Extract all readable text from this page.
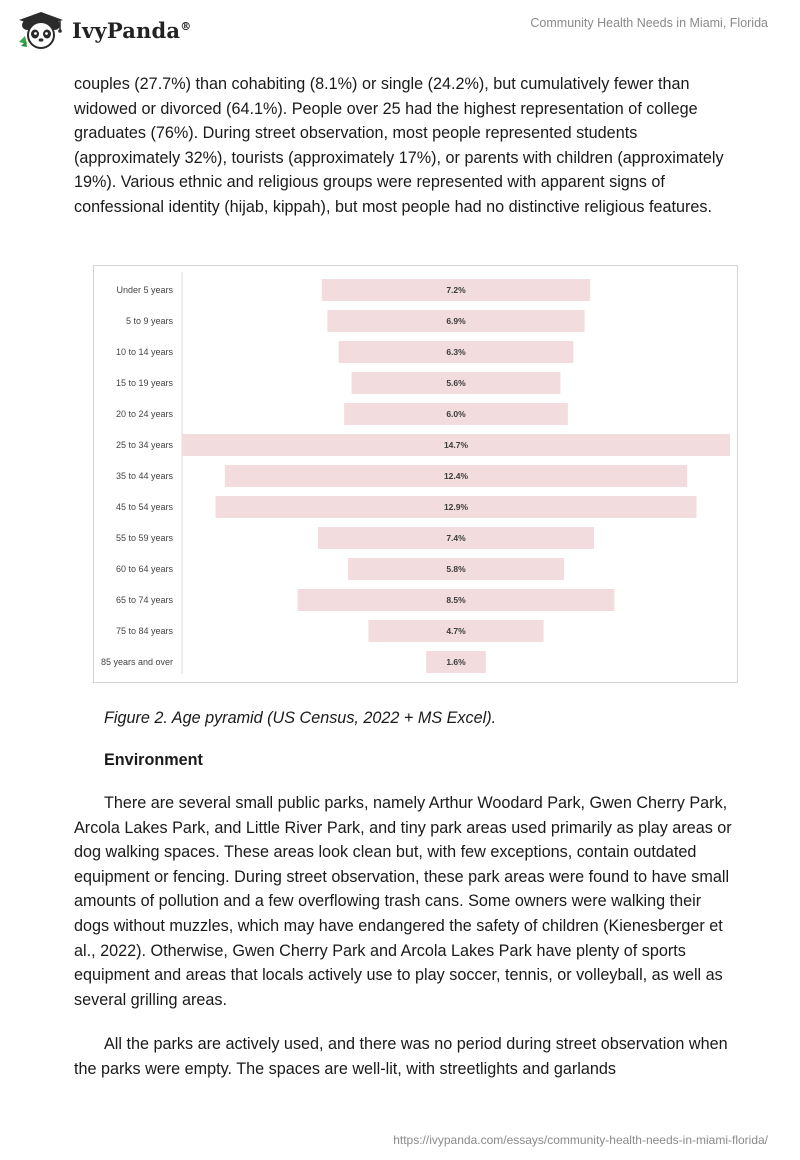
IvyPanda®	Community Health Needs in Miami, Florida

couples (27.7%) than cohabiting (8.1%) or single (24.2%), but cumulatively fewer than widowed or divorced (64.1%). People over 25 had the highest representation of college graduates (76%). During street observation, most people represented students (approximately 32%), tourists (approximately 17%), or parents with children (approximately 19%). Various ethnic and religious groups were represented with apparent signs of confessional identity (hijab, kippah), but most people had no distinctive religious features.

Under 5 years	7.2%
5 to 9 years	6.9%
10 to 14 years	6.3%
15 to 19 years	5.6%
20 to 24 years	6.0%
25 to 34 years	14.7%
35 to 44 years	12.4%
45 to 54 years	12.9%
55 to 59 years	7.4%
60 to 64 years	5.8%
65 to 74 years	8.5%
75 to 84 years	4.7%
85 years and over	1.6%
Figure 2. Age pyramid (US Census, 2022 + MS Excel).
Environment

There are several small public parks, namely Arthur Woodard Park, Gwen Cherry Park, Arcola Lakes Park, and Little River Park, and tiny park areas used primarily as play areas or dog walking spaces. These areas look clean but, with few exceptions, contain outdated equipment or fencing. During street observation, these park areas were found to have small amounts of pollution and a few overflowing trash cans. Some owners were walking their dogs without muzzles, which may have endangered the safety of children (Kienesberger et al., 2022). Otherwise, Gwen Cherry Park and Arcola Lakes Park have plenty of sports equipment and areas that locals actively use to play soccer, tennis, or volleyball, as well as several grilling areas.

All the parks are actively used, and there was no period during street observation when the parks were empty. The spaces are well-lit, with streetlights and garlands

https://ivypanda.com/essays/community-health-needs-in-miami-florida/
